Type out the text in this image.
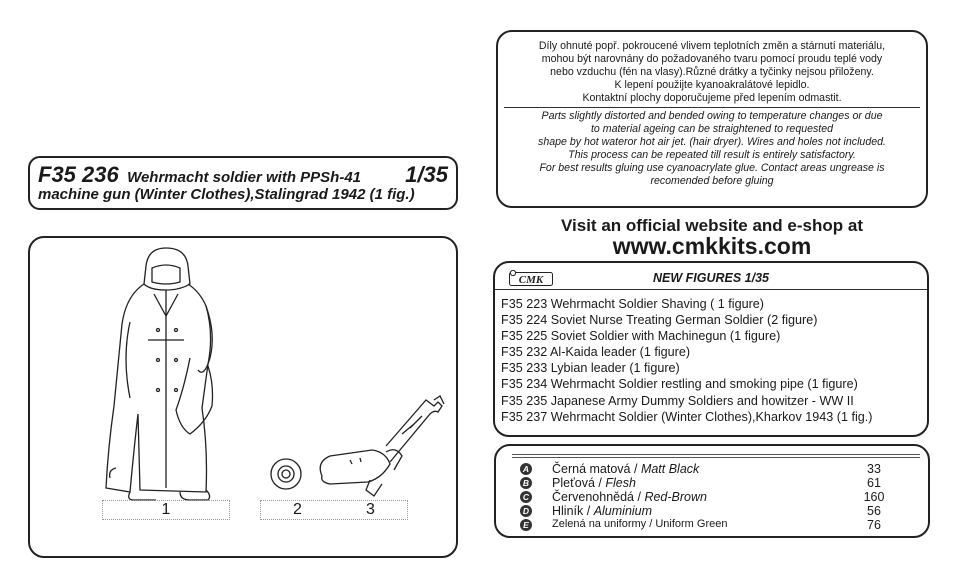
F35 236 Wehrmacht soldier with PPSh-41 1/35
machine gun (Winter Clothes),Stalingrad 1942 (1 fig.)
1	2	3
Díly ohnuté popř. pokroucené vlivem teplotních změn a stárnutí materiálu,
mohou být narovnány do požadovaného tvaru pomocí proudu teplé vody
nebo vzduchu (fén na vlasy).Různé drátky a tyčinky nejsou přiloženy.
K lepení použijte kyanoakralátové lepidlo.
Kontaktní plochy doporučujeme před lepením odmastit.
Parts slightly distorted and bended owing to temperature changes or due
to material ageing can be straightened to requested
shape by hot wateror hot air jet. (hair dryer). Wires and holes not included.
This process can be repeated till result is entirely satisfactory.
For best results gluing use cyanoacrylate glue. Contact areas ungrease is
recomended before gluing
Visit an official website and e-shop at
www.cmkkits.com
CMK	NEW FIGURES 1/35
F35 223 Wehrmacht Soldier Shaving ( 1 figure)
F35 224 Soviet Nurse Treating German Soldier (2 figure)
F35 225 Soviet Soldier with Machinegun (1 figure)
F35 232 Al-Kaida leader (1 figure)
F35 233 Lybian leader (1 figure)
F35 234 Wehrmacht Soldier restling and smoking pipe (1 figure)
F35 235 Japanese Army Dummy Soldiers and howitzer - WW II
F35 237 Wehrmacht Soldier (Winter Clothes),Kharkov 1943 (1 fig.)
A Černá matová / Matt Black	33
B Pleťová / Flesh	61
C Červenohnědá / Red-Brown	160
D Hliník / Aluminium	56
E Zelená na uniformy / Uniform Green	76
